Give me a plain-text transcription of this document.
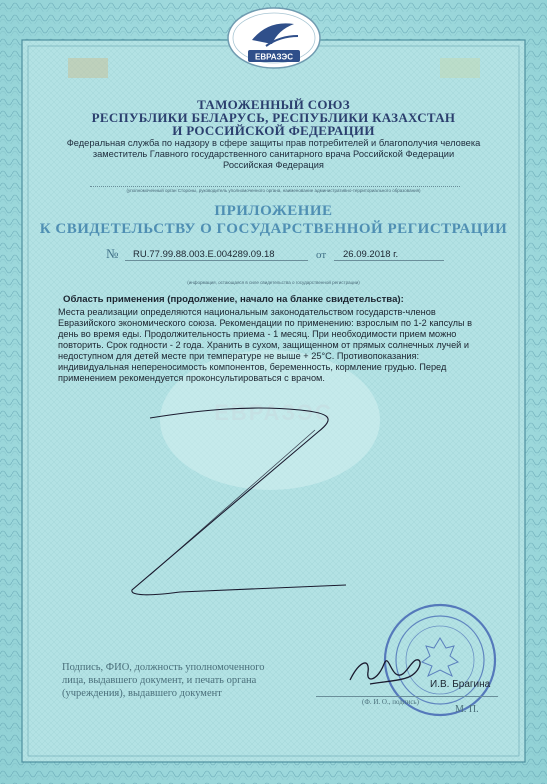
ЕВРАЗЭС
ТАМОЖЕННЫЙ СОЮЗ
РЕСПУБЛИКИ БЕЛАРУСЬ, РЕСПУБЛИКИ КАЗАХСТАН
И РОССИЙСКОЙ ФЕДЕРАЦИИ
Федеральная служба по надзору в сфере защиты прав потребителей и благополучия человека
заместитель Главного государственного санитарного врача Российской Федерации
Российская Федерация
(уполномоченный орган Стороны, руководитель уполномоченного органа, наименование административно-территориального образования)
ПРИЛОЖЕНИЕ
К СВИДЕТЕЛЬСТВУ О ГОСУДАРСТВЕННОЙ РЕГИСТРАЦИИ
№ RU.77.99.88.003.Е.004289.09.18	от 26.09.2018 г.
(информация, остающаяся в силе свидетельства о государственной регистрации)
Область применения (продолжение, начало на бланке свидетельства):
Места реализации определяются национальным законодательством государств-членов
Евразийского экономического союза. Рекомендации по применению: взрослым по 1-2 капсулы в
день во время еды. Продолжительность приема - 1 месяц. При необходимости прием можно
повторить. Срок годности - 2 года. Хранить в сухом, защищенном от прямых солнечных лучей и
недоступном для детей месте при температуре не выше + 25°С. Противопоказания:
индивидуальная непереносимость компонентов, беременность, кормление грудью. Перед
применением рекомендуется проконсультироваться с врачом.
ЕВРАЗЭС
Подпись, ФИО, должность уполномоченного
лица, выдавшего документ, и печать органа
(учреждения), выдавшего документ
И.В. Брагина
(Ф. И. О., подпись)
М. П.
